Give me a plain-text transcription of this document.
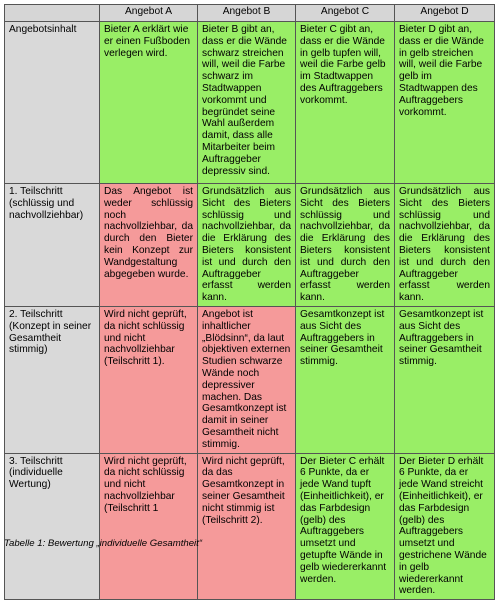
	Angebot A	Angebot B	Angebot C	Angebot D
Angebotsinhalt	Bieter A erklärt wie er einen Fußboden verlegen wird.	Bieter B gibt an, dass er die Wände schwarz streichen will, weil die Farbe schwarz im Stadtwappen vorkommt und begründet seine Wahl außerdem damit, dass alle Mitarbeiter beim Auftraggeber depressiv sind.	Bieter C gibt an, dass er die Wände in gelb tupfen will, weil die Farbe gelb im Stadtwappen des Auftraggebers vorkommt.	Bieter D gibt an, dass er die Wände in gelb streichen will, weil die Farbe gelb im Stadtwappen des Auftraggebers vorkommt.
1. Teilschritt (schlüssig und nachvollziehbar)	Das Angebot ist weder schlüssig noch nachvollziehbar, da durch den Bieter kein Konzept zur Wandgestaltung abgegeben wurde.	Grundsätzlich aus Sicht des Bieters schlüssig und nachvollziehbar, da die Erklärung des Bieters konsistent ist und durch den Auftraggeber erfasst werden kann.	Grundsätzlich aus Sicht des Bieters schlüssig und nachvollziehbar, da die Erklärung des Bieters konsistent ist und durch den Auftraggeber erfasst werden kann.	Grundsätzlich aus Sicht des Bieters schlüssig und nachvollziehbar, da die Erklärung des Bieters konsistent ist und durch den Auftraggeber erfasst werden kann.
2. Teilschritt (Konzept in seiner Gesamtheit stimmig)	Wird nicht geprüft, da nicht schlüssig und nicht nachvollziehbar (Teilschritt 1).	Angebot ist inhaltlicher „Blödsinn“, da laut objektiven externen Studien schwarze Wände noch depressiver machen. Das Gesamtkonzept ist damit in seiner Gesamtheit nicht stimmig.	Gesamtkonzept ist aus Sicht des Auftraggebers in seiner Gesamtheit stimmig.	Gesamtkonzept ist aus Sicht des Auftraggebers in seiner Gesamtheit stimmig.
3. Teilschritt (individuelle Wertung)	Wird nicht geprüft, da nicht schlüssig und nicht nachvollziehbar (Teilschritt 1	Wird nicht geprüft, da das Gesamtkonzept in seiner Gesamtheit nicht stimmig ist (Teilschritt 2).	Der Bieter C erhält 6 Punkte, da er jede Wand tupft (Einheitlichkeit), er das Farbdesign (gelb) des Auftraggebers umsetzt und getupfte Wände in gelb wiedererkannt werden.	Der Bieter D erhält 6 Punkte, da er jede Wand streicht (Einheitlichkeit), er das Farbdesign (gelb) des Auftraggebers umsetzt und gestrichene Wände in gelb wiedererkannt werden.
Tabelle 1: Bewertung „individuelle Gesamtheit“
